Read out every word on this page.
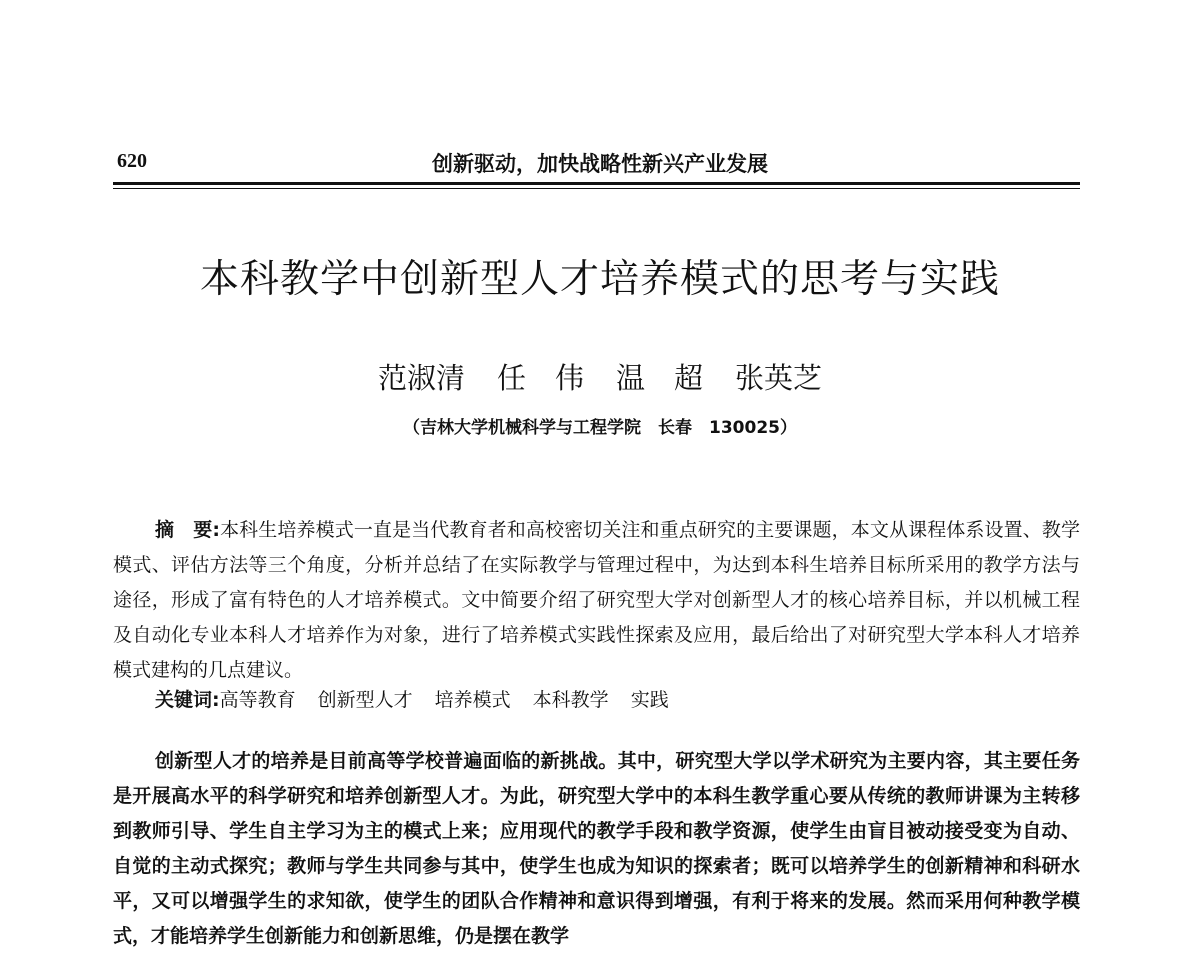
620	创新驱动，加快战略性新兴产业发展
本科教学中创新型人才培养模式的思考与实践
范淑清 任　伟 温　超 张英芝
（吉林大学机械科学与工程学院　长春　130025）
摘　要:本科生培养模式一直是当代教育者和高校密切关注和重点研究的主要课题，本文从课程体系设置、教学模式、评估方法等三个角度，分析并总结了在实际教学与管理过程中，为达到本科生培养目标所采用的教学方法与途径，形成了富有特色的人才培养模式。文中简要介绍了研究型大学对创新型人才的核心培养目标，并以机械工程及自动化专业本科人才培养作为对象，进行了培养模式实践性探索及应用，最后给出了对研究型大学本科人才培养模式建构的几点建议。
关键词:高等教育 创新型人才 培养模式 本科教学 实践
创新型人才的培养是目前高等学校普遍面临的新挑战。其中，研究型大学以学术研究为主要内容，其主要任务是开展高水平的科学研究和培养创新型人才。为此，研究型大学中的本科生教学重心要从传统的教师讲课为主转移到教师引导、学生自主学习为主的模式上来；应用现代的教学手段和教学资源，使学生由盲目被动接受变为自动、自觉的主动式探究；教师与学生共同参与其中，使学生也成为知识的探索者；既可以培养学生的创新精神和科研水平，又可以增强学生的求知欲，使学生的团队合作精神和意识得到增强，有利于将来的发展。然而采用何种教学模式，才能培养学生创新能力和创新思维，仍是摆在教学
